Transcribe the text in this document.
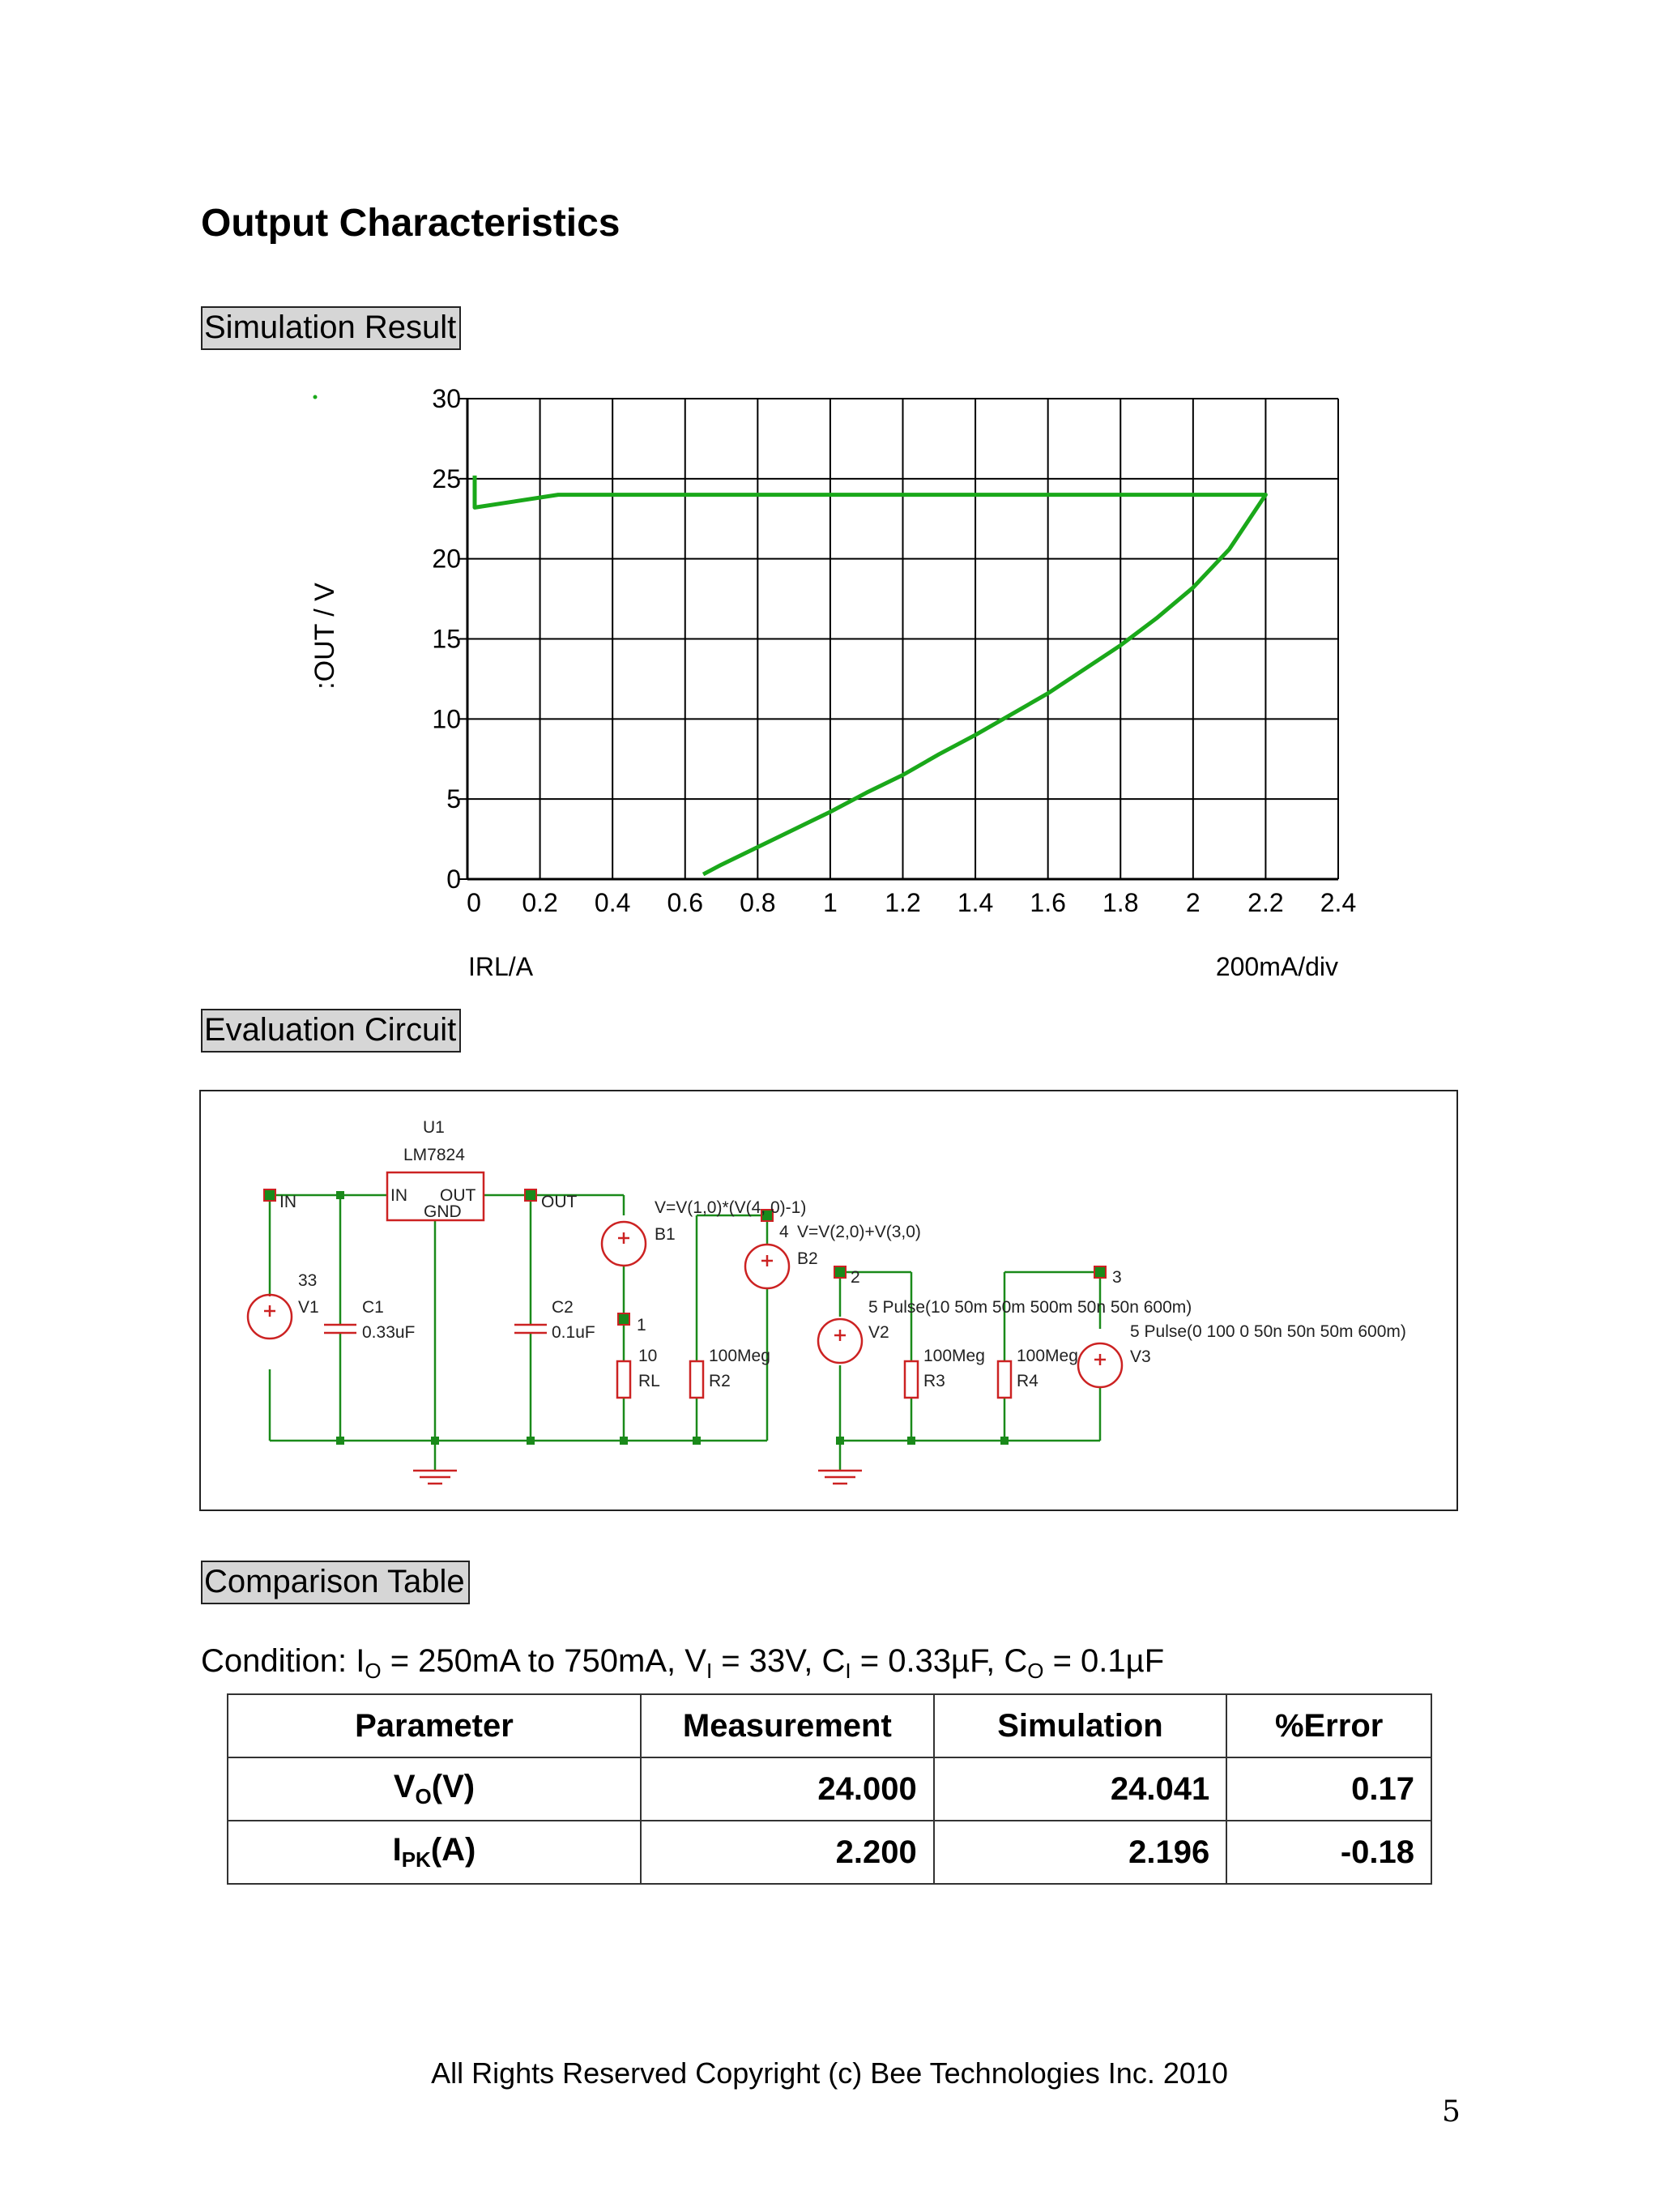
Output Characteristics
Simulation Result
0 0.2 0.4 0.6 0.8 1 1.2 1.4 1.6 1.8 2 2.2 2.4
0
5
10
15
20
25
30
:OUT / V
IRL/A	200mA/div
Evaluation Circuit
U1
LM7824
IN OUT
GND
IN	OUT
33
V1	C1
0.33uF
C2
0.1uF
V=V(1,0)*(V(4, 0)-1)
B1	4 V=V(2,0)+V(3,0)
B2
1
2	3
10
RL
100Meg
R2
5 Pulse(10 50m 50m 500m 50n 50n 600m)
V2	5 Pulse(0 100 0 50n 50n 50m 600m)
V3
100Meg
R3
100Meg
R4
Comparison Table
Condition: $I_O = 250mA$ to 750mA, $V_I = 33V$, $C_I = 0.33\mu F$, $C_O = 0.1\mu F$
Parameter	Measurement	Simulation	%Error
$V_O(V)$	24.000	24.041	0.17
$I_{PK}(A)$	2.200	2.196	-0.18
All Rights Reserved Copyright (c) Bee Technologies Inc. 2010
5
